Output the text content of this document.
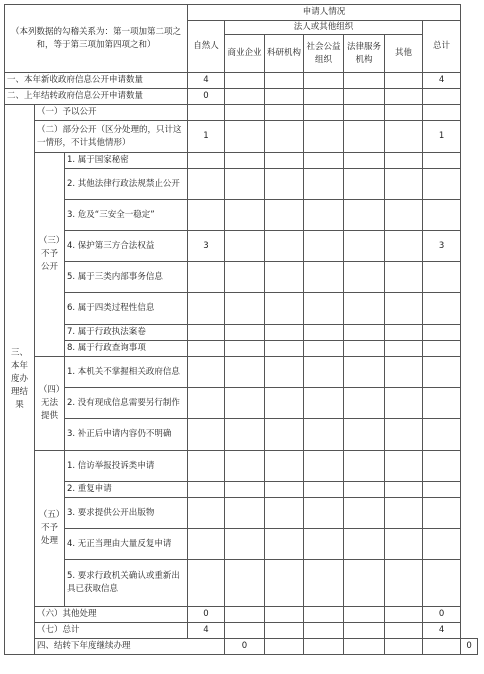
（本列数据的勾稽关系为：第一项加第二项之和，等于第三项加第四项之和）			申请人情况							
			自然人	法人或其他组织					总计	
				商业企业	科研机构	社会公益组织	法律服务机构	其他		
一、本年新收政府信息公开申请数量			4						4	
二、上年结转政府信息公开申请数量			0							
三、本年度办理结果	（一）予以公开									
	（二）部分公开（区分处理的，只计这一情形，不计其他情形）		1						1	
	（三）不予公开	1. 属于国家秘密								
		2. 其他法律行政法规禁止公开								
		3. 危及“三安全一稳定”								
		4. 保护第三方合法权益	3						3	
		5. 属于三类内部事务信息								
		6. 属于四类过程性信息								
		7. 属于行政执法案卷								
		8. 属于行政查询事项								
	（四）无法提供	1. 本机关不掌握相关政府信息								
		2. 没有现成信息需要另行制作								
		3. 补正后申请内容仍不明确								
	（五）不予处理	1. 信访举报投诉类申请								
		2. 重复申请								
		3. 要求提供公开出版物								
		4. 无正当理由大量反复申请								
		5. 要求行政机关确认或重新出具已获取信息								
	（六）其他处理		0						0	
	（七）总计		4						4	
	四、结转下年度继续办理			0						0
